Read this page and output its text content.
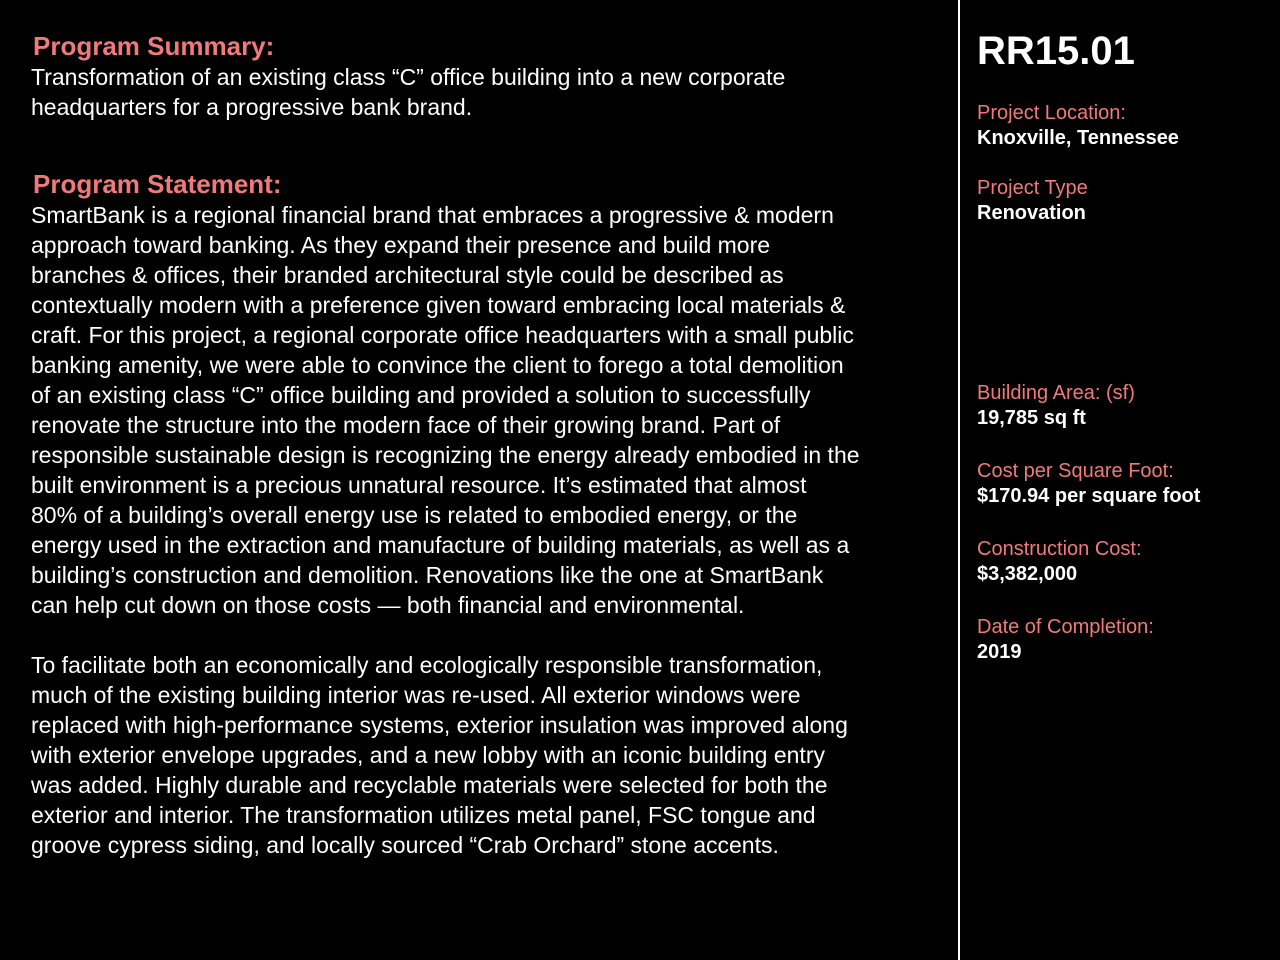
Program Summary:

Transformation of an existing class “C” office building into a new corporate
headquarters for a progressive bank brand.

Program Statement:

SmartBank is a regional financial brand that embraces a progressive & modern
approach toward banking. As they expand their presence and build more
branches & offices, their branded architectural style could be described as
contextually modern with a preference given toward embracing local materials &
craft. For this project, a regional corporate office headquarters with a small public
banking amenity, we were able to convince the client to forego a total demolition
of an existing class “C” office building and provided a solution to successfully
renovate the structure into the modern face of their growing brand. Part of
responsible sustainable design is recognizing the energy already embodied in the
built environment is a precious unnatural resource. It’s estimated that almost
80% of a building’s overall energy use is related to embodied energy, or the
energy used in the extraction and manufacture of building materials, as well as a
building’s construction and demolition. Renovations like the one at SmartBank
can help cut down on those costs — both financial and environmental.

To facilitate both an economically and ecologically responsible transformation,
much of the existing building interior was re-used. All exterior windows were
replaced with high-performance systems, exterior insulation was improved along
with exterior envelope upgrades, and a new lobby with an iconic building entry
was added. Highly durable and recyclable materials were selected for both the
exterior and interior. The transformation utilizes metal panel, FSC tongue and
groove cypress siding, and locally sourced “Crab Orchard” stone accents.

RR15.01

Project Location:

Knoxville, Tennessee

Project Type

Renovation

Building Area: (sf)

19,785 sq ft

Cost per Square Foot:

$170.94 per square foot

Construction Cost:

$3,382,000

Date of Completion:

2019
